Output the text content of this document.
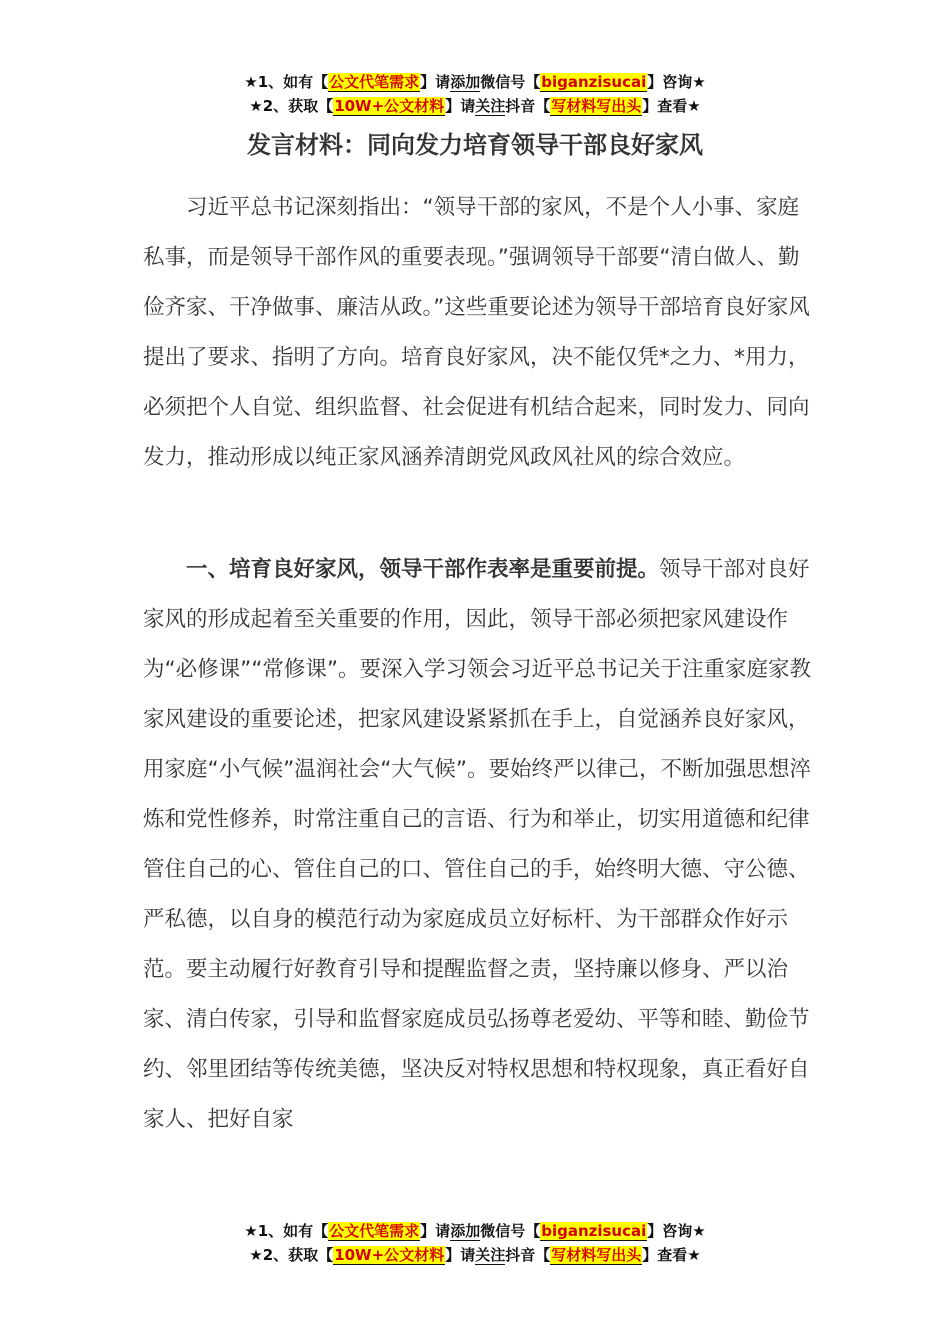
★1、如有【公文代笔需求】请添加微信号【biganzisucai】咨询★
★2、获取【10W+公文材料】请关注抖音【写材料写出头】查看★
发言材料：同向发力培育领导干部良好家风

习近平总书记深刻指出：“领导干部的家风，不是个人小事、家庭私事，而是领导干部作风的重要表现。”强调领导干部要“清白做人、勤俭齐家、干净做事、廉洁从政。”这些重要论述为领导干部培育良好家风提出了要求、指明了方向。培育良好家风，决不能仅凭*之力、*用力，必须把个人自觉、组织监督、社会促进有机结合起来，同时发力、同向发力，推动形成以纯正家风涵养清朗党风政风社风的综合效应。

一、培育良好家风，领导干部作表率是重要前提。领导干部对良好家风的形成起着至关重要的作用，因此，领导干部必须把家风建设作为“必修课”“常修课”。要深入学习领会习近平总书记关于注重家庭家教家风建设的重要论述，把家风建设紧紧抓在手上，自觉涵养良好家风，用家庭“小气候”温润社会“大气候”。要始终严以律己，不断加强思想淬炼和党性修养，时常注重自己的言语、行为和举止，切实用道德和纪律管住自己的心、管住自己的口、管住自己的手，始终明大德、守公德、严私德，以自身的模范行动为家庭成员立好标杆、为干部群众作好示范。要主动履行好教育引导和提醒监督之责，坚持廉以修身、严以治家、清白传家，引导和监督家庭成员弘扬尊老爱幼、平等和睦、勤俭节约、邻里团结等传统美德，坚决反对特权思想和特权现象，真正看好自家人、把好自家

★1、如有【公文代笔需求】请添加微信号【biganzisucai】咨询★
★2、获取【10W+公文材料】请关注抖音【写材料写出头】查看★
